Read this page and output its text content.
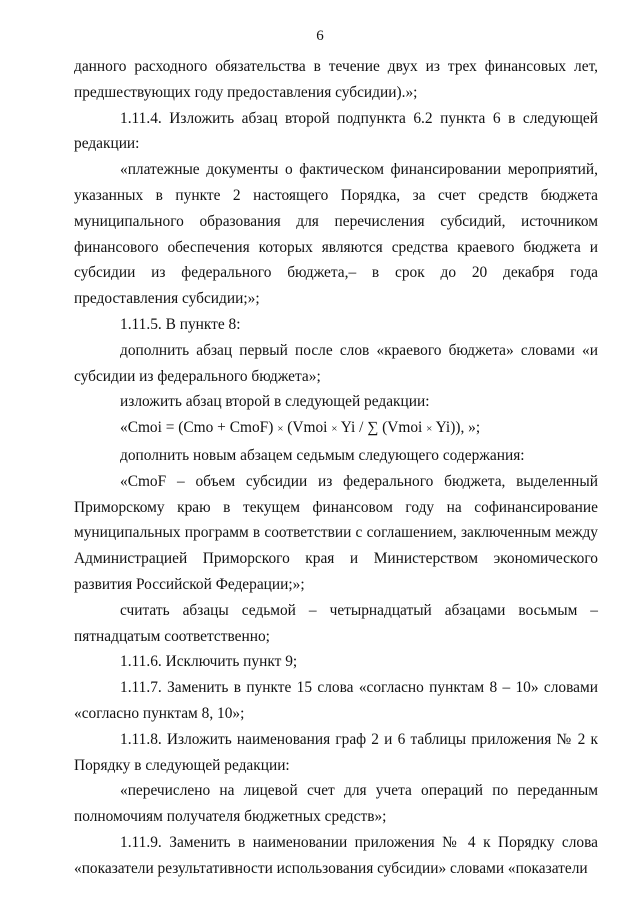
6

данного расходного обязательства в течение двух из трех финансовых лет, предшествующих году предоставления субсидии).»;

1.11.4. Изложить абзац второй подпункта 6.2 пункта 6 в следующей редакции:

«платежные документы о фактическом финансировании мероприятий, указанных в пункте 2 настоящего Порядка, за счет средств бюджета муниципального образования для перечисления субсидий, источником финансового обеспечения которых являются средства краевого бюджета и субсидии из федерального бюджета,– в срок до 20 декабря года предоставления субсидии;»;

1.11.5. В пункте 8:

дополнить абзац первый после слов «краевого бюджета» словами «и субсидии из федерального бюджета»;

изложить абзац второй в следующей редакции:

«Cmoi = (Cmo + CmoF) × (Vmoi × Yi / ∑ (Vmoi × Yi)), »;

дополнить новым абзацем седьмым следующего содержания:

«CmoF – объем субсидии из федерального бюджета, выделенный Приморскому краю в текущем финансовом году на софинансирование муниципальных программ в соответствии с соглашением, заключенным между Администрацией Приморского края и Министерством экономического развития Российской Федерации;»;

считать абзацы седьмой – четырнадцатый абзацами восьмым – пятнадцатым соответственно;

1.11.6. Исключить пункт 9;

1.11.7. Заменить в пункте 15 слова «согласно пунктам 8 – 10» словами «согласно пунктам 8, 10»;

1.11.8. Изложить наименования граф 2 и 6 таблицы приложения № 2 к Порядку в следующей редакции:

«перечислено на лицевой счет для учета операций по переданным полномочиям получателя бюджетных средств»;

1.11.9. Заменить в наименовании приложения № 4 к Порядку слова «показатели результативности использования субсидии» словами «показатели
